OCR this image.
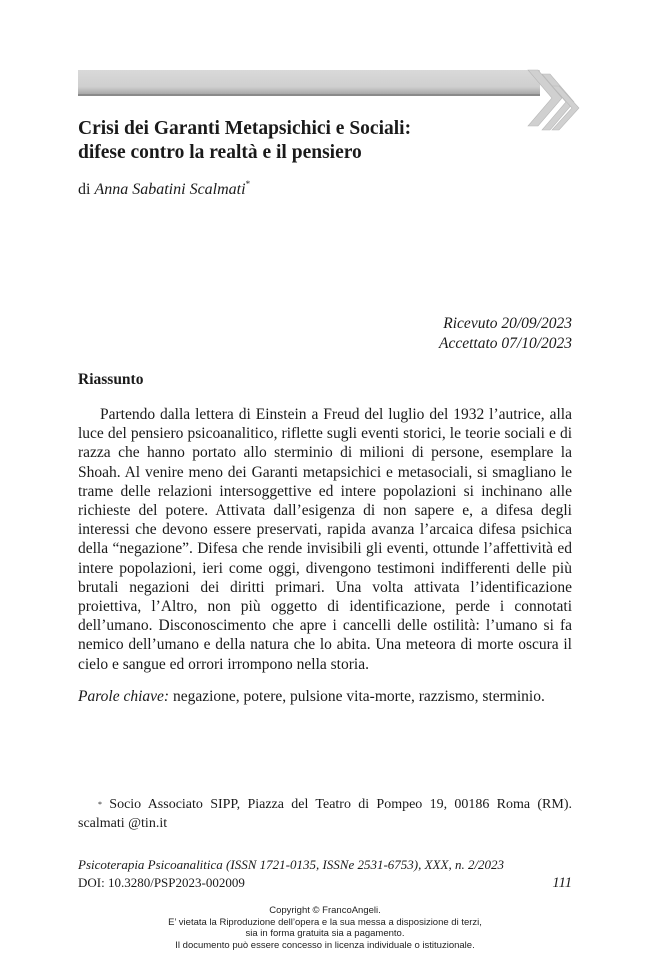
Crisi dei Garanti Metapsichici e Sociali:
difese contro la realtà e il pensiero
di Anna Sabatini Scalmati*
Ricevuto 20/09/2023
Accettato 07/10/2023
Riassunto

Partendo dalla lettera di Einstein a Freud del luglio del 1932 l’autrice, alla luce del pensiero psicoanalitico, riflette sugli eventi storici, le teorie sociali e di razza che hanno portato allo sterminio di milioni di persone, esemplare la Shoah. Al venire meno dei Garanti metapsichici e metasociali, si smagliano le trame delle relazioni intersoggettive ed intere popolazioni si inchinano alle richieste del potere. Attivata dall’esigenza di non sapere e, a difesa degli interessi che devono essere preservati, rapida avanza l’arcaica difesa psichica della “negazione”. Difesa che rende invisibili gli eventi, ottunde l’affettività ed intere popolazioni, ieri come oggi, divengono testimoni indifferenti delle più brutali negazioni dei diritti primari. Una volta attivata l’identificazione proiettiva, l’Altro, non più oggetto di identificazione, perde i connotati dell’umano. Disconoscimento che apre i cancelli delle ostilità: l’umano si fa nemico dell’umano e della natura che lo abita. Una meteora di morte oscura il cielo e sangue ed orrori irrompono nella storia.

Parole chiave: negazione, potere, pulsione vita-morte, razzismo, sterminio.

* Socio Associato SIPP, Piazza del Teatro di Pompeo 19, 00186 Roma (RM). scalmati @tin.it

Psicoterapia Psicoanalitica (ISSN 1721-0135, ISSNe 2531-6753), XXX, n. 2/2023
DOI: 10.3280/PSP2023-002009	111
Copyright © FrancoAngeli.
E’ vietata la Riproduzione dell’opera e la sua messa a disposizione di terzi,
sia in forma gratuita sia a pagamento.
Il documento può essere concesso in licenza individuale o istituzionale.
